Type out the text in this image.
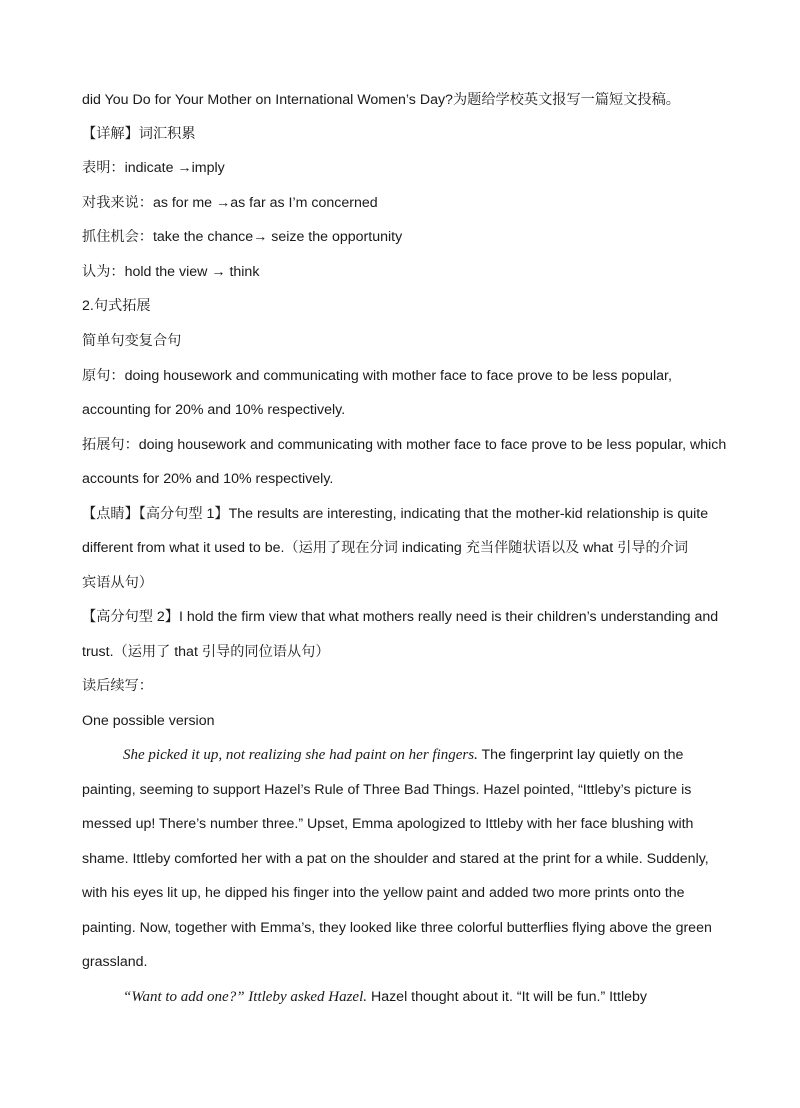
did You Do for Your Mother on International Women’s Day?为题给学校英文报写一篇短文投稿。
【详解】词汇积累
表明：indicate →imply
对我来说：as for me →as far as I’m concerned
抓住机会：take the chance→ seize the opportunity
认为：hold the view → think
2.句式拓展
简单句变复合句
原句：doing housework and communicating with mother face to face prove to be less popular,
accounting for 20% and 10% respectively.
拓展句：doing housework and communicating with mother face to face prove to be less popular, which
accounts for 20% and 10% respectively.
【点睛】【高分句型 1】The results are interesting, indicating that the mother-kid relationship is quite
different from what it used to be.（运用了现在分词 indicating 充当伴随状语以及 what 引导的介词
宾语从句）
【高分句型 2】I hold the firm view that what mothers really need is their children’s understanding and
trust.（运用了 that 引导的同位语从句）
读后续写：
One possible version
She picked it up, not realizing she had paint on her fingers. The fingerprint lay quietly on the
painting, seeming to support Hazel’s Rule of Three Bad Things. Hazel pointed, “Ittleby’s picture is
messed up! There’s number three.” Upset, Emma apologized to Ittleby with her face blushing with
shame. Ittleby comforted her with a pat on the shoulder and stared at the print for a while. Suddenly,
with his eyes lit up, he dipped his finger into the yellow paint and added two more prints onto the
painting. Now, together with Emma’s, they looked like three colorful butterflies flying above the green
grassland.
“Want to add one?” Ittleby asked Hazel. Hazel thought about it. “It will be fun.” Ittleby
